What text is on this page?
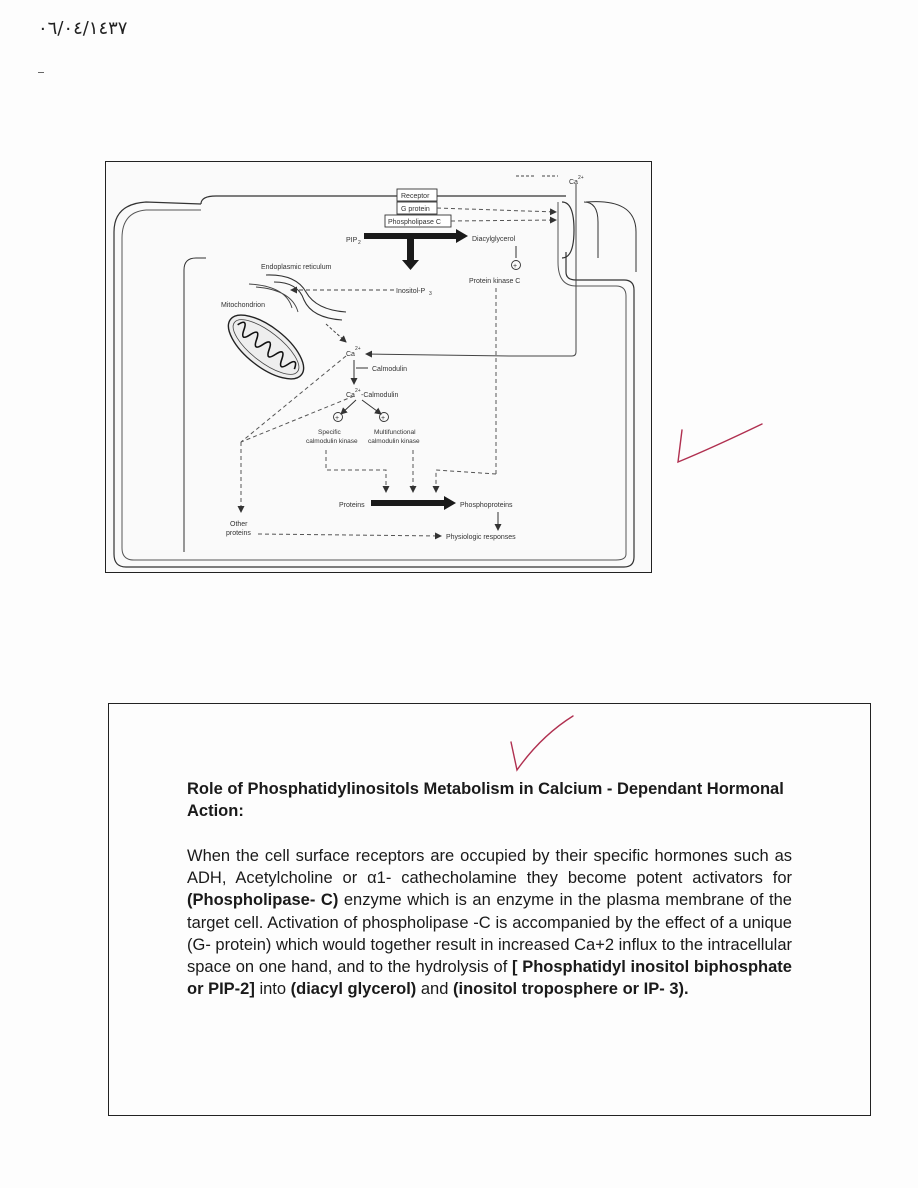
٠٦/٠٤/١٤٣٧
Ca
2+
Receptor
G protein
Phospholipase C
PIP 2	Diacylglycerol
+
Protein kinase C
Endoplasmic reticulum
Inositol-P 3
Mitochondrion
Ca
2+
Calmodulin
Ca
2+
-Calmodulin
+	+
Specific
calmodulin kinase
Multifunctional
calmodulin kinase
Proteins	Phosphoproteins
Other
proteins
Physiologic responses
Role of Phosphatidylinositols Metabolism in Calcium - Dependant Hormonal Action:
When the cell surface receptors are occupied by their specific hormones such as ADH, Acetylcholine or α1- cathecholamine they become potent activators for (Phospholipase- C) enzyme which is an enzyme in the plasma membrane of the target cell. Activation of phospholipase -C is accompanied by the effect of a unique (G- protein) which would together result in increased Ca+2 influx to the intracellular space on one hand, and to the hydrolysis of [ Phosphatidyl inositol biphosphate or PIP-2] into (diacyl glycerol) and (inositol troposphere or IP- 3).
